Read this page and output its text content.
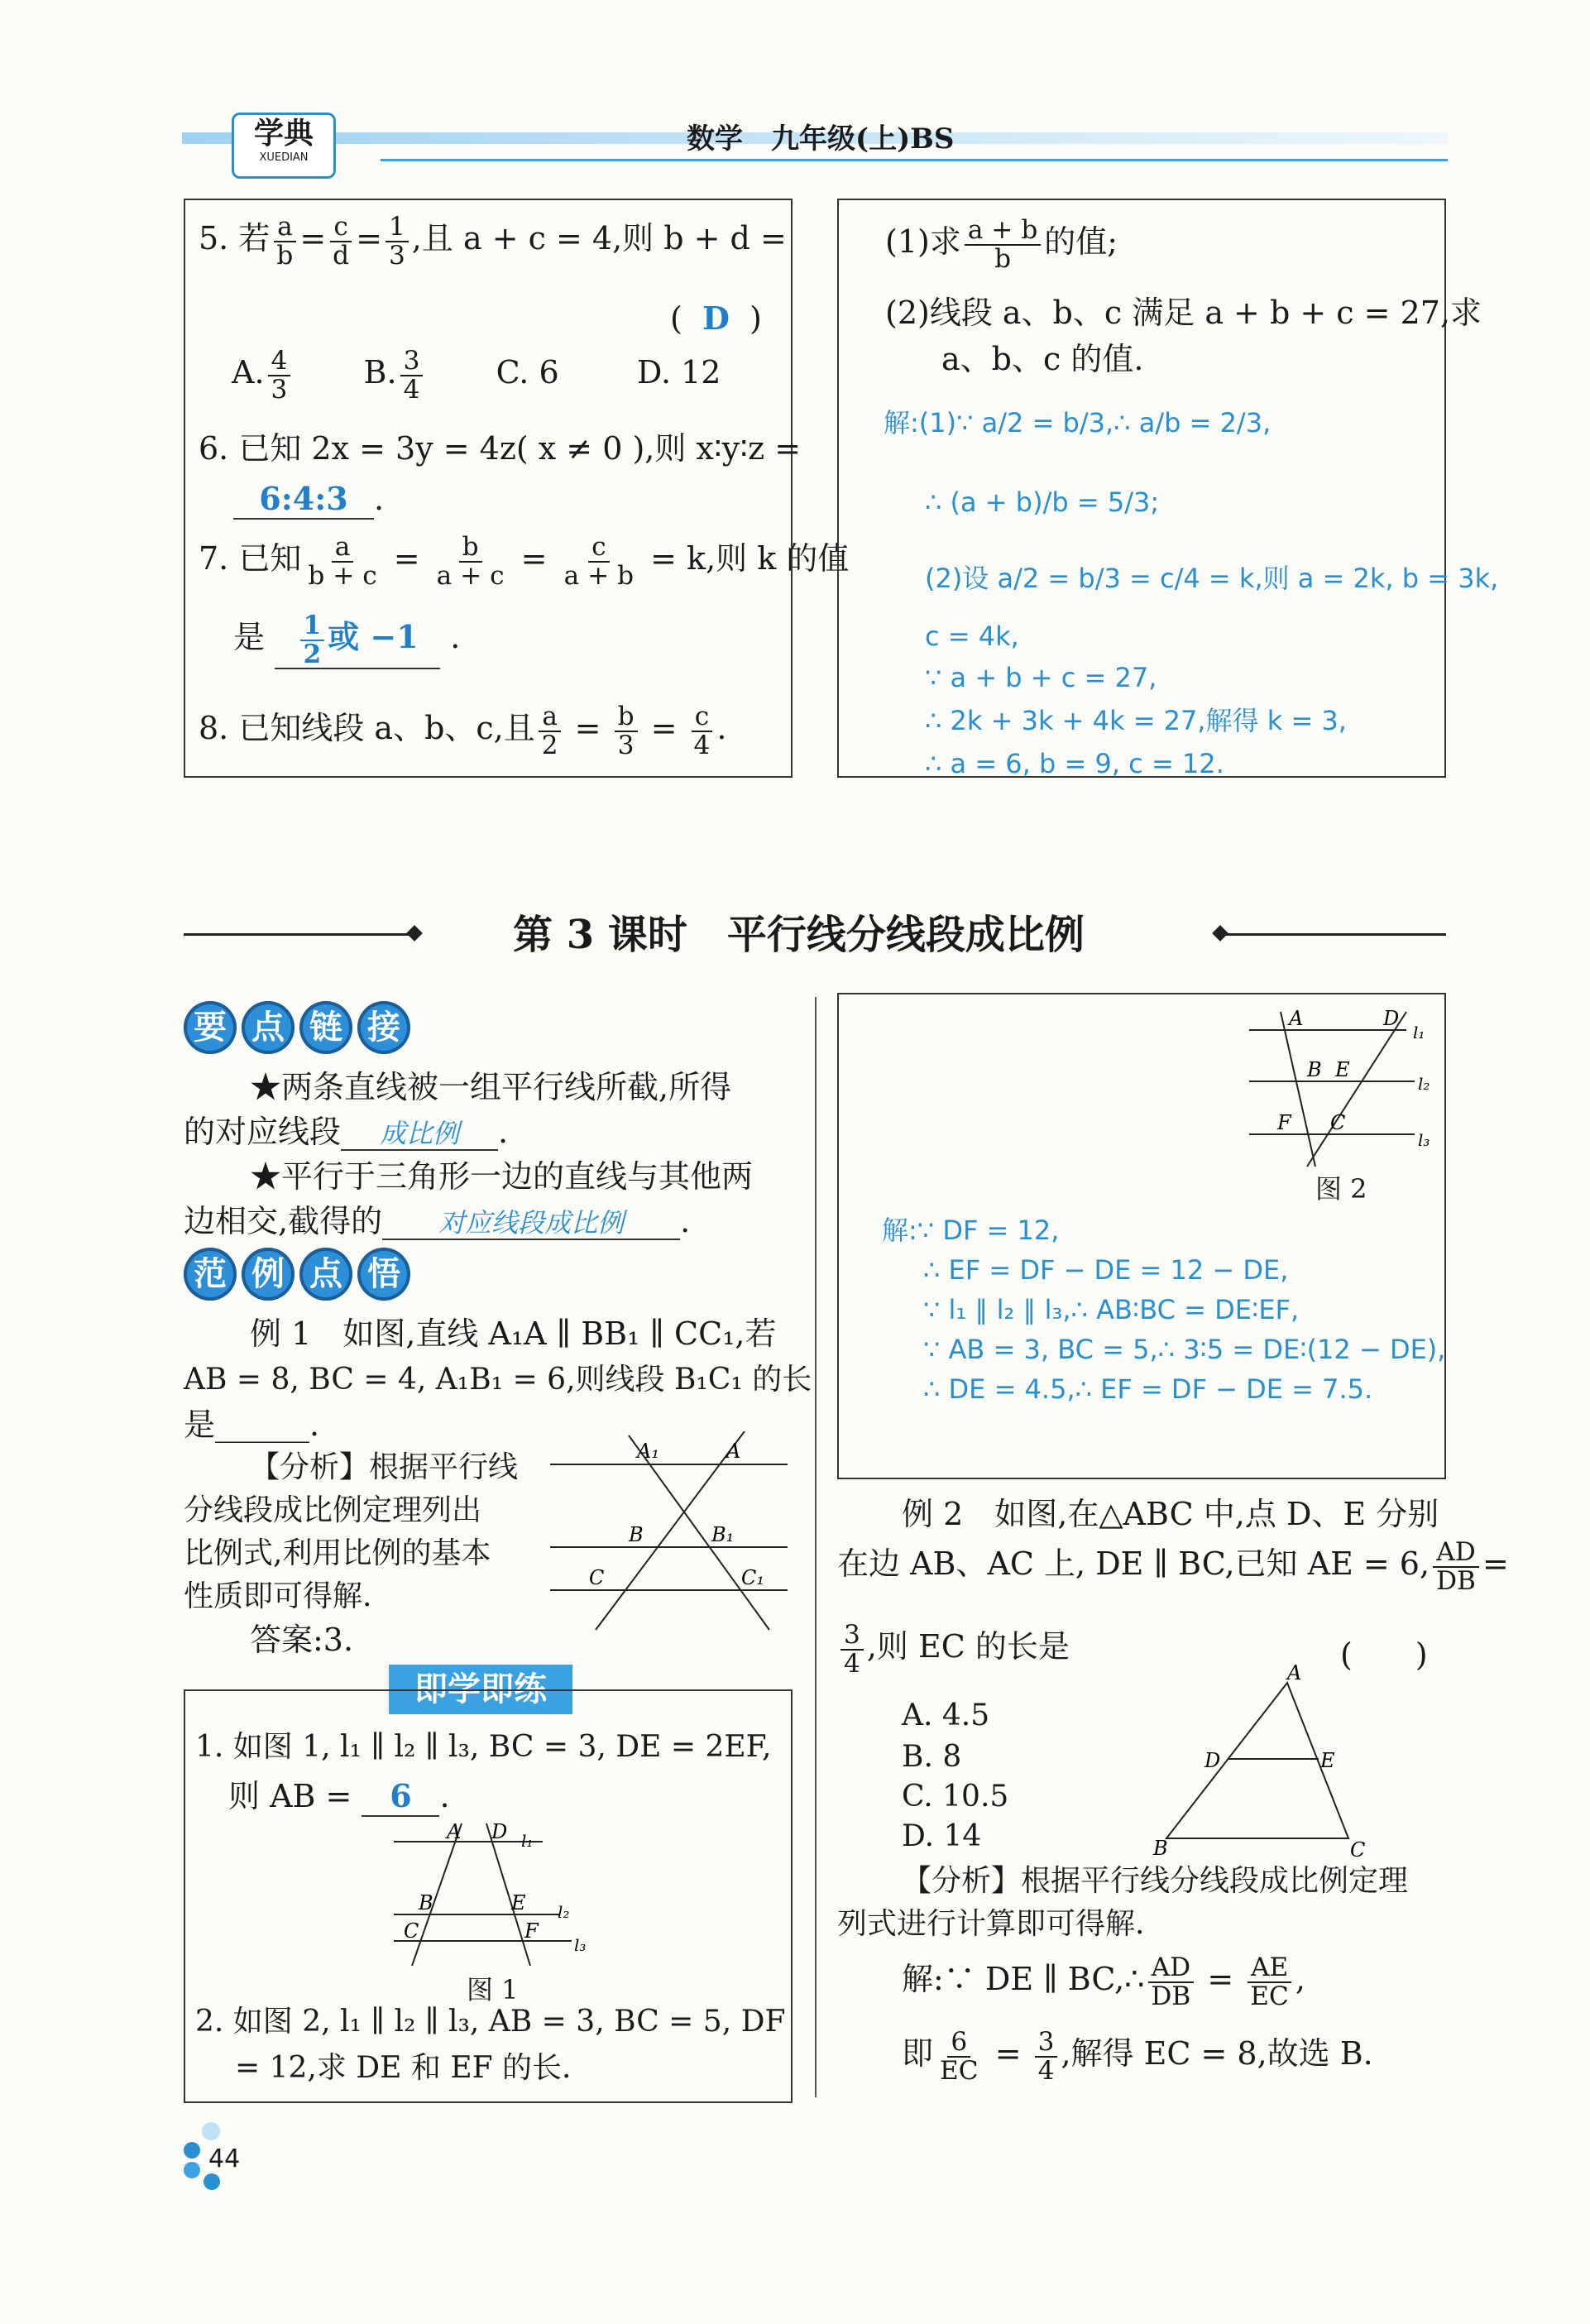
学典
XUEDIAN
数学　九年级(上)BS
5. 若 $\frac{a}{b} = \frac{c}{d} = \frac{1}{3}$ ,且 a + c = 4,则 b + d =
( D )
A. $\frac{4}{3} B$. $\frac{3}{4} C$. 6 D. 12
6. 已知 2x = 3y = 4z( x ≠ 0 ),则 x∶y∶z =
6:4:3 .
7. 已知 $\frac{a}{b + c} = \frac{b}{a + c} = \frac{c}{a + b} = k$,则 k 的值
是 $\frac{1}{2}$ 或 −1 .
8. 已知线段 a、b、c,且 $\frac{a}{2} = \frac{b}{3} = \frac{c}{4}$ .
(1)求 $\frac{a + b}{b}$ 的值;
(2)线段 a、b、c 满足 a + b + c = 27,求
a、b、c 的值.
解:(1)∵ a/2 = b/3,∴ a/b = 2/3,
∴ (a + b)/b = 5/3;
(2)设 a/2 = b/3 = c/4 = k,则 a = 2k, b = 3k,
c = 4k,
∵ a + b + c = 27,
∴ 2k + 3k + 4k = 27,解得 k = 3,
∴ a = 6, b = 9, c = 12.
第 3 课时　平行线分线段成比例
要 点 链 接
★两条直线被一组平行线所截,所得
的对应线段 成比例 .
★平行于三角形一边的直线与其他两
边相交,截得的 对应线段成比例 .
范 例 点 悟
例 1　如图,直线 A₁A ∥ BB₁ ∥ CC₁,若
AB = 8, BC = 4, A₁B₁ = 6,则线段 B₁C₁ 的长
是______.
【分析】根据平行线
分线段成比例定理列出
比例式,利用比例的基本
性质即可得解.
答案:3.
A₁	A
B	B₁
C	C₁
即学即练
1. 如图 1, l₁ ∥ l₂ ∥ l₃, BC = 3, DE = 2EF,
则 AB = 6 .
A D l₁
B	E l₂
C	F
l₃
图 1
2. 如图 2, l₁ ∥ l₂ ∥ l₃, AB = 3, BC = 5, DF
= 12,求 DE 和 EF 的长.
A	D
l₁
B E
l₂
F C
l₃
图 2
解:∵ DF = 12,
∴ EF = DF − DE = 12 − DE,
∵ l₁ ∥ l₂ ∥ l₃,∴ AB∶BC = DE∶EF,
∵ AB = 3, BC = 5,∴ 3∶5 = DE∶(12 − DE),
∴ DE = 4.5,∴ EF = DF − DE = 7.5.
例 2　如图,在△ABC 中,点 D、E 分别
在边 AB、AC 上, DE ∥ BC,已知 AE = 6, $\frac{AD}{DB}$ =
$\frac{3}{4}$ ,则 EC 的长是	(　　)
A. 4.5
B. 8
C. 10.5
D. 14
A
D	E
B	C
【分析】根据平行线分线段成比例定理
列式进行计算即可得解.
解:∵ DE ∥ BC,∴ $\frac{AD}{DB} = \frac{AE}{EC}$ ,
即 $\frac{6}{EC} = \frac{3}{4}$ ,解得 EC = 8,故选 B.
44
